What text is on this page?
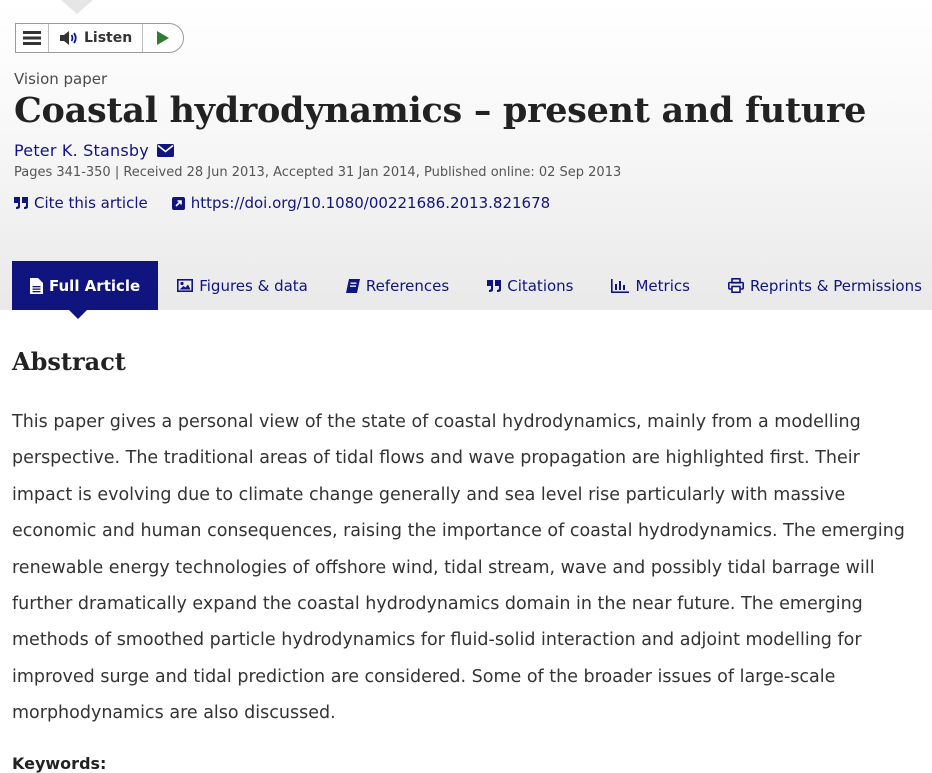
Listen
Vision paper
Coastal hydrodynamics – present and future
Peter K. Stansby
Pages 341-350 | Received 28 Jun 2013, Accepted 31 Jan 2014, Published online: 02 Sep 2013
Cite this article	https://doi.org/10.1080/00221686.2013.821678
Full Article	Figures & data	References	Citations	Metrics	Reprints & Permissions
Abstract

This paper gives a personal view of the state of coastal hydrodynamics, mainly from a modelling perspective. The traditional areas of tidal flows and wave propagation are highlighted first. Their impact is evolving due to climate change generally and sea level rise particularly with massive economic and human consequences, raising the importance of coastal hydrodynamics. The emerging renewable energy technologies of offshore wind, tidal stream, wave and possibly tidal barrage will further dramatically expand the coastal hydrodynamics domain in the near future. The emerging methods of smoothed particle hydrodynamics for fluid-solid interaction and adjoint modelling for improved surge and tidal prediction are considered. Some of the broader issues of large-scale morphodynamics are also discussed.

Keywords:
